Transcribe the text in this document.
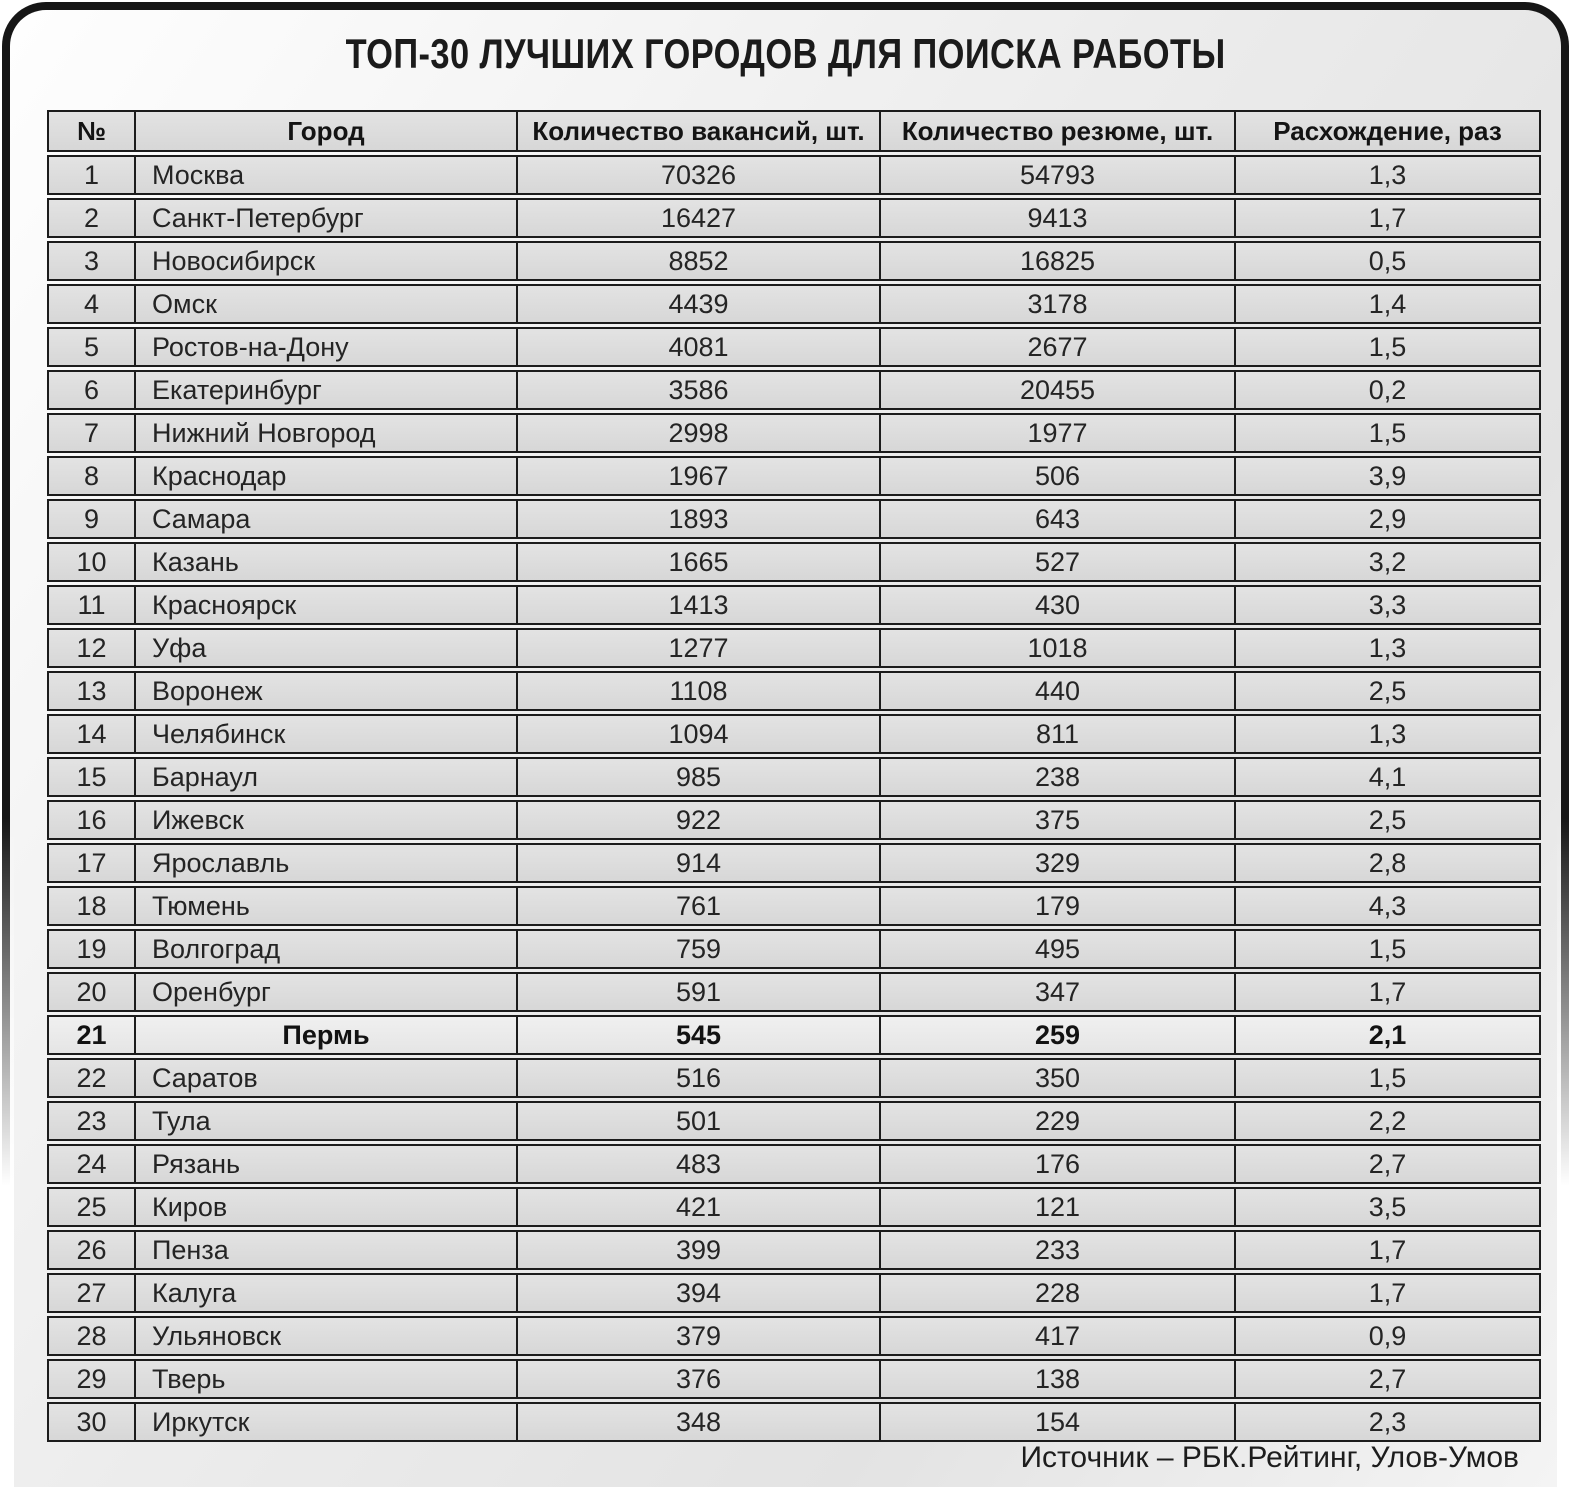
ТОП-30 ЛУЧШИХ ГОРОДОВ ДЛЯ ПОИСКА РАБОТЫ
№	Город	Количество вакансий, шт.	Количество резюме, шт.	Расхождение, раз
1	Москва	70326	54793	1,3
2	Санкт-Петербург	16427	9413	1,7
3	Новосибирск	8852	16825	0,5
4	Омск	4439	3178	1,4
5	Ростов-на-Дону	4081	2677	1,5
6	Екатеринбург	3586	20455	0,2
7	Нижний Новгород	2998	1977	1,5
8	Краснодар	1967	506	3,9
9	Самара	1893	643	2,9
10	Казань	1665	527	3,2
11	Красноярск	1413	430	3,3
12	Уфа	1277	1018	1,3
13	Воронеж	1108	440	2,5
14	Челябинск	1094	811	1,3
15	Барнаул	985	238	4,1
16	Ижевск	922	375	2,5
17	Ярославль	914	329	2,8
18	Тюмень	761	179	4,3
19	Волгоград	759	495	1,5
20	Оренбург	591	347	1,7
21	Пермь	545	259	2,1
22	Саратов	516	350	1,5
23	Тула	501	229	2,2
24	Рязань	483	176	2,7
25	Киров	421	121	3,5
26	Пенза	399	233	1,7
27	Калуга	394	228	1,7
28	Ульяновск	379	417	0,9
29	Тверь	376	138	2,7
30	Иркутск	348	154	2,3
Источник – РБК.Рейтинг, Улов-Умов
